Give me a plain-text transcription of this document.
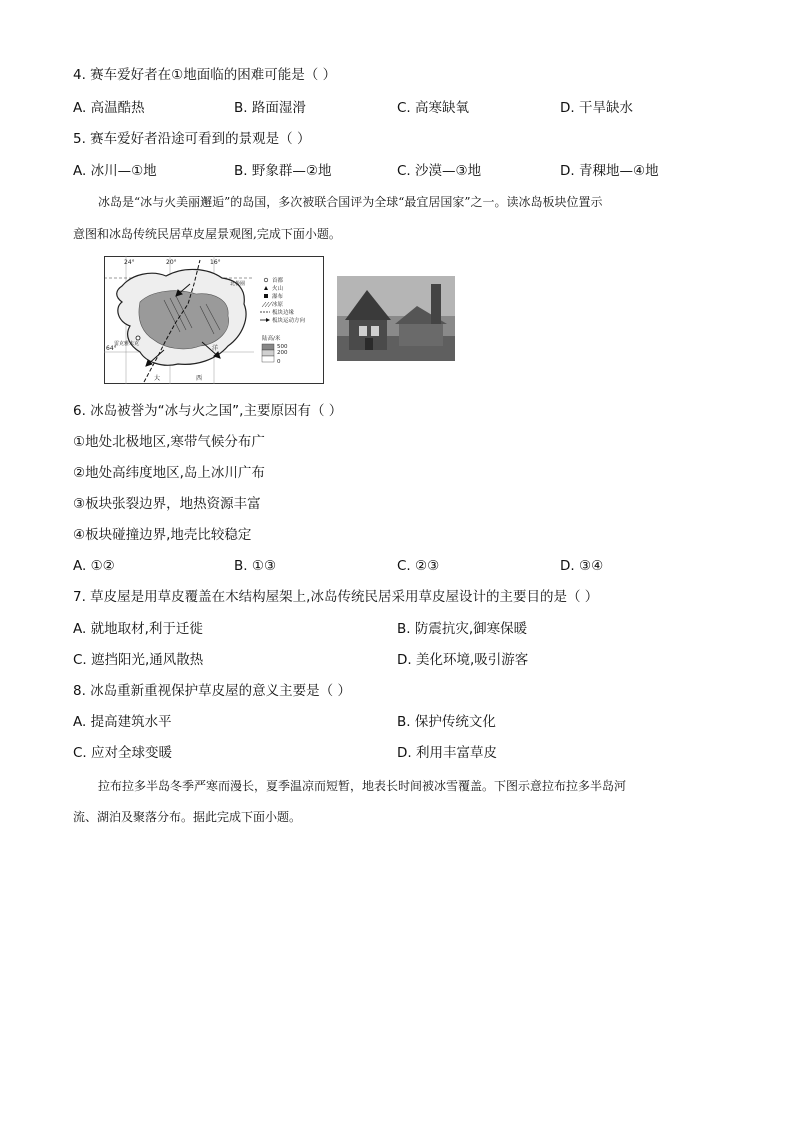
4. 赛车爱好者在①地面临的困难可能是（ ）
A. 高温酷热	B. 路面湿滑	C. 高寒缺氧	D. 干旱缺水
5. 赛车爱好者沿途可看到的景观是（ ）
A. 冰川—①地	B. 野象群—②地	C. 沙漠—③地	D. 青稞地—④地
冰岛是“冰与火美丽邂逅”的岛国，多次被联合国评为全球“最宜居国家”之一。读冰岛板块位置示
意图和冰岛传统民居草皮屋景观图,完成下面小题。
24°	20°	16°
64°
北极圈
雷克雅未克
大	西
洋
首都
火山
瀑布
冰原
板块边缘
板块运动方向
陆高/米
500
200
0
6. 冰岛被誉为“冰与火之国”,主要原因有（ ）
①地处北极地区,寒带气候分布广
②地处高纬度地区,岛上冰川广布
③板块张裂边界，地热资源丰富
④板块碰撞边界,地壳比较稳定
A. ①②	B. ①③	C. ②③	D. ③④
7. 草皮屋是用草皮覆盖在木结构屋架上,冰岛传统民居采用草皮屋设计的主要目的是（ ）
A. 就地取材,利于迁徙	B. 防震抗灾,御寒保暖
C. 遮挡阳光,通风散热	D. 美化环境,吸引游客
8. 冰岛重新重视保护草皮屋的意义主要是（ ）
A. 提高建筑水平	B. 保护传统文化
C. 应对全球变暖	D. 利用丰富草皮
拉布拉多半岛冬季严寒而漫长，夏季温凉而短暂，地表长时间被冰雪覆盖。下图示意拉布拉多半岛河
流、湖泊及聚落分布。据此完成下面小题。
